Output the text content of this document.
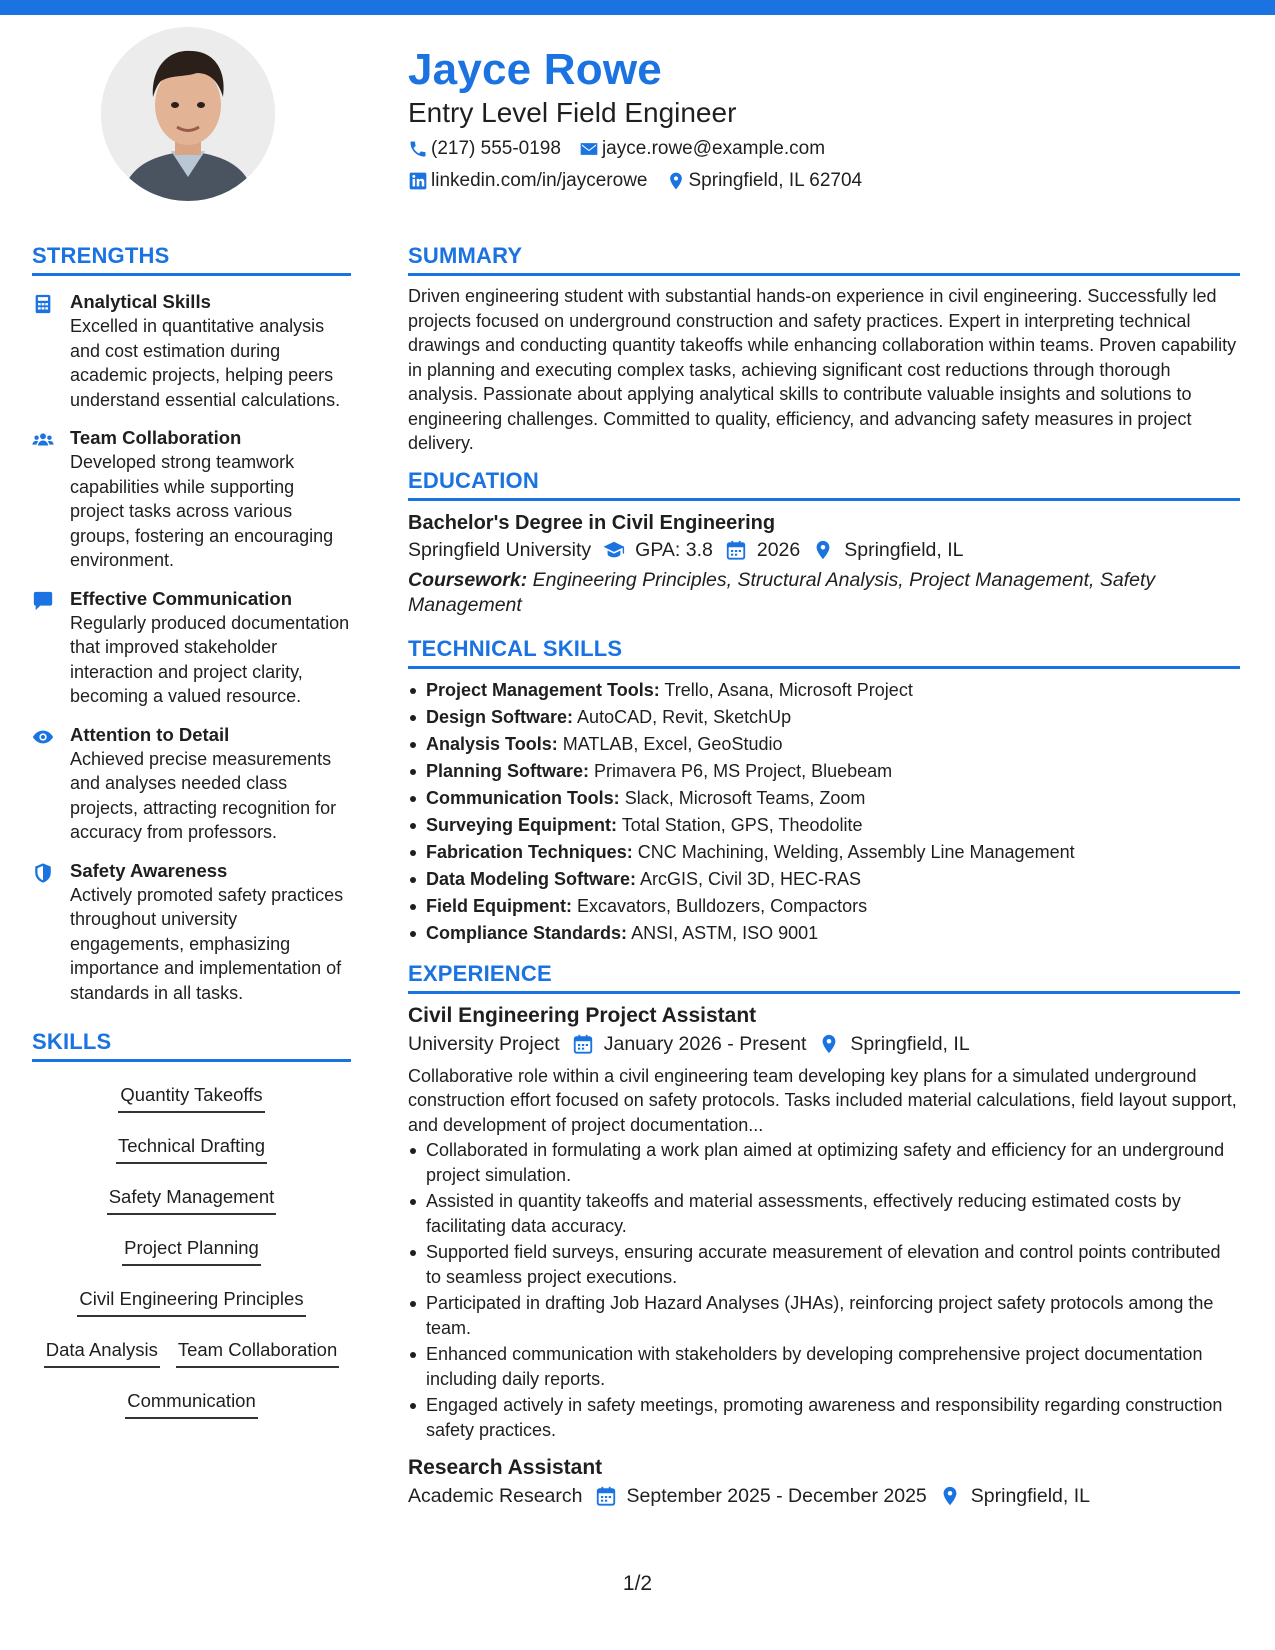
Jayce Rowe
Entry Level Field Engineer
(217) 555-0198 jayce.rowe@example.com
linkedin.com/in/jaycerowe Springfield, IL 62704
STRENGTHS
Analytical Skills
Excelled in quantitative analysis and cost estimation during academic projects, helping peers understand essential calculations.
Team Collaboration
Developed strong teamwork capabilities while supporting project tasks across various groups, fostering an encouraging environment.
Effective Communication
Regularly produced documentation that improved stakeholder interaction and project clarity, becoming a valued resource.
Attention to Detail
Achieved precise measurements and analyses needed class projects, attracting recognition for accuracy from professors.
Safety Awareness
Actively promoted safety practices throughout university engagements, emphasizing importance and implementation of standards in all tasks.
SKILLS
Quantity Takeoffs
Technical Drafting
Safety Management
Project Planning
Civil Engineering Principles
Data Analysis Team Collaboration
Communication
SUMMARY
Driven engineering student with substantial hands-on experience in civil engineering. Successfully led projects focused on underground construction and safety practices. Expert in interpreting technical drawings and conducting quantity takeoffs while enhancing collaboration within teams. Proven capability in planning and executing complex tasks, achieving significant cost reductions through thorough analysis. Passionate about applying analytical skills to contribute valuable insights and solutions to engineering challenges. Committed to quality, efficiency, and advancing safety measures in project delivery.
EDUCATION
Bachelor's Degree in Civil Engineering
Springfield University GPA: 3.8 2026 Springfield, IL
Coursework: Engineering Principles, Structural Analysis, Project Management, Safety Management
TECHNICAL SKILLS
Project Management Tools: Trello, Asana, Microsoft Project
Design Software: AutoCAD, Revit, SketchUp
Analysis Tools: MATLAB, Excel, GeoStudio
Planning Software: Primavera P6, MS Project, Bluebeam
Communication Tools: Slack, Microsoft Teams, Zoom
Surveying Equipment: Total Station, GPS, Theodolite
Fabrication Techniques: CNC Machining, Welding, Assembly Line Management
Data Modeling Software: ArcGIS, Civil 3D, HEC-RAS
Field Equipment: Excavators, Bulldozers, Compactors
Compliance Standards: ANSI, ASTM, ISO 9001
EXPERIENCE
Civil Engineering Project Assistant
University Project January 2026 - Present Springfield, IL
Collaborative role within a civil engineering team developing key plans for a simulated underground construction effort focused on safety protocols. Tasks included material calculations, field layout support, and development of project documentation...
Collaborated in formulating a work plan aimed at optimizing safety and efficiency for an underground project simulation.
Assisted in quantity takeoffs and material assessments, effectively reducing estimated costs by facilitating data accuracy.
Supported field surveys, ensuring accurate measurement of elevation and control points contributed to seamless project executions.
Participated in drafting Job Hazard Analyses (JHAs), reinforcing project safety protocols among the team.
Enhanced communication with stakeholders by developing comprehensive project documentation including daily reports.
Engaged actively in safety meetings, promoting awareness and responsibility regarding construction safety practices.
Research Assistant
Academic Research September 2025 - December 2025 Springfield, IL
1/2
